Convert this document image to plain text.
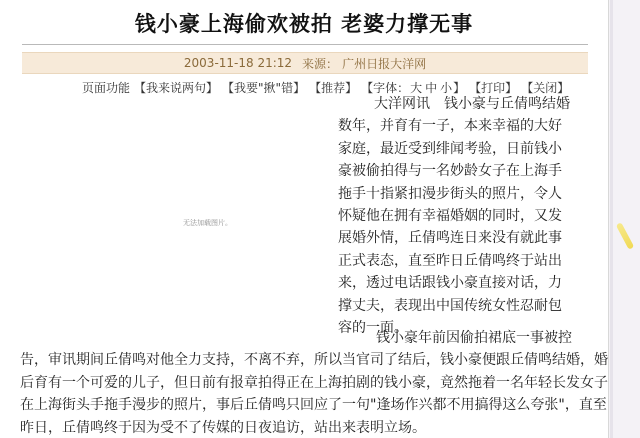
钱小豪上海偷欢被拍 老婆力撑无事
2003-11-18 21:12 来源： 广州日报大洋网
页面功能 【我来说两句】 【我要"揪"错】 【推荐】 【字体： 大 中 小 】 【打印】 【关闭】
无法加载图片。
大洋网讯　钱小豪与丘倩鸣结婚
数年，并育有一子，本来幸福的大好
家庭，最近受到绯闻考验，日前钱小
豪被偷拍得与一名妙龄女子在上海手
拖手十指紧扣漫步街头的照片，令人
怀疑他在拥有幸福婚姻的同时，又发
展婚外情，丘倩鸣连日来没有就此事
正式表态，直至昨日丘倩鸣终于站出
来，透过电话跟钱小豪直接对话，力
撑丈夫，表现出中国传统女性忍耐包
容的一面。
钱小豪年前因偷拍裙底一事被控
告，审讯期间丘倩鸣对他全力支持，不离不弃，所以当官司了结后，钱小豪便跟丘倩鸣结婚，婚
后育有一个可爱的儿子，但日前有报章拍得正在上海拍剧的钱小豪，竟然拖着一名年轻长发女子
在上海街头手拖手漫步的照片，事后丘倩鸣只回应了一句"逢场作兴都不用搞得这么夸张"，直至
昨日，丘倩鸣终于因为受不了传媒的日夜追访，站出来表明立场。
